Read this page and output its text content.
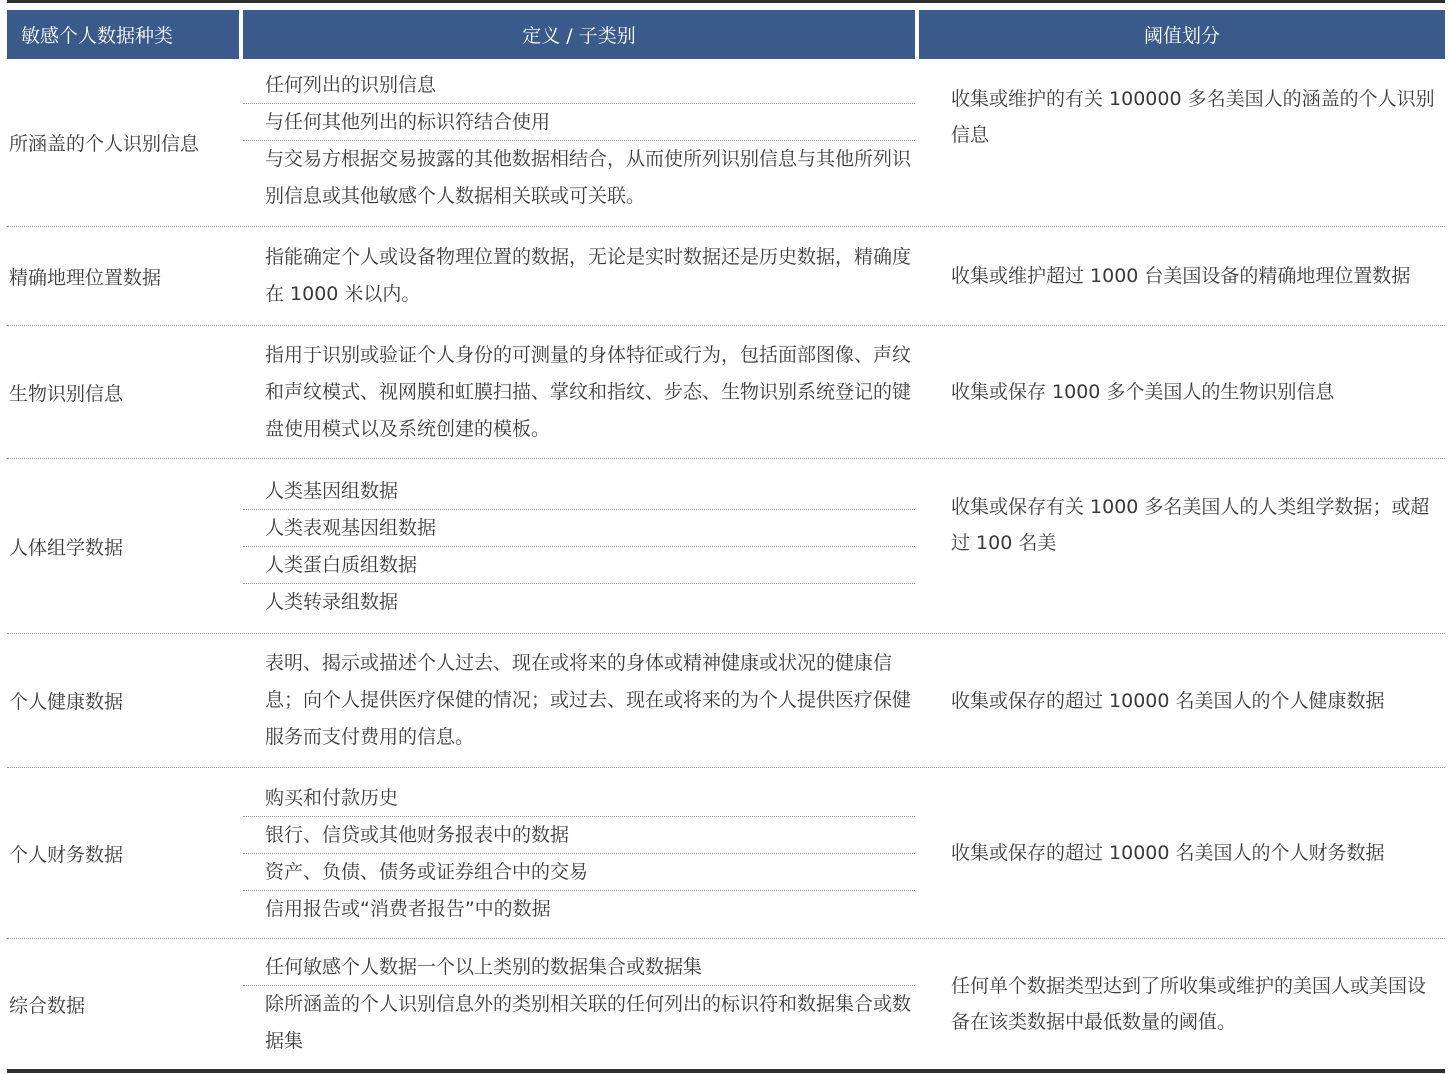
敏感个人数据种类	定义 / 子类别	阈值划分
所涵盖的个人识别信息
任何列出的识别信息
与任何其他列出的标识符结合使用
与交易方根据交易披露的其他数据相结合，从而使所列识别信息与其他所列识别信息或其他敏感个人数据相关联或可关联。
收集或维护的有关 100000 多名美国人的涵盖的个人识别信息
精确地理位置数据
指能确定个人或设备物理位置的数据，无论是实时数据还是历史数据，精确度在 1000 米以内。
收集或维护超过 1000 台美国设备的精确地理位置数据
生物识别信息
指用于识别或验证个人身份的可测量的身体特征或行为，包括面部图像、声纹和声纹模式、视网膜和虹膜扫描、掌纹和指纹、步态、生物识别系统登记的键盘使用模式以及系统创建的模板。
收集或保存 1000 多个美国人的生物识别信息
人体组学数据
人类基因组数据
人类表观基因组数据
人类蛋白质组数据
人类转录组数据
收集或保存有关 1000 多名美国人的人类组学数据；或超过 100 名美
个人健康数据
表明、揭示或描述个人过去、现在或将来的身体或精神健康或状况的健康信息；向个人提供医疗保健的情况；或过去、现在或将来的为个人提供医疗保健服务而支付费用的信息。
收集或保存的超过 10000 名美国人的个人健康数据
个人财务数据
购买和付款历史
银行、信贷或其他财务报表中的数据
资产、负债、债务或证券组合中的交易
信用报告或“消费者报告”中的数据
收集或保存的超过 10000 名美国人的个人财务数据
综合数据
任何敏感个人数据一个以上类别的数据集合或数据集
除所涵盖的个人识别信息外的类别相关联的任何列出的标识符和数据集合或数据集
任何单个数据类型达到了所收集或维护的美国人或美国设备在该类数据中最低数量的阈值。
